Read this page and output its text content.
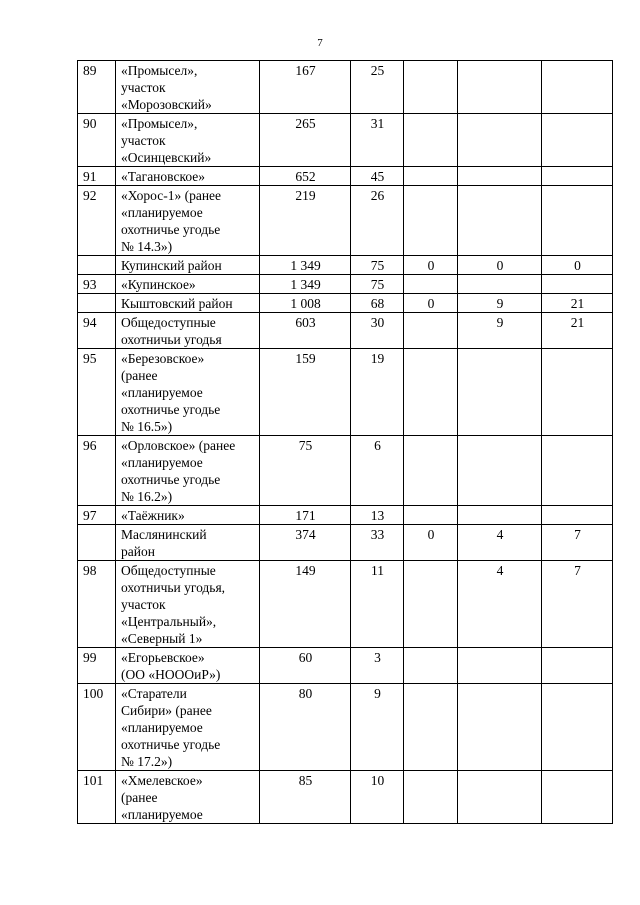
7
89	«Промысел»,
участок
«Морозовский»	167	25			
90	«Промысел»,
участок
«Осинцевский»	265	31			
91	«Тагановское»	652	45			
92	«Хорос-1» (ранее
«планируемое
охотничье угодье
№ 14.3»)	219	26			
	Купинский район	1 349	75	0	0	0
93	«Купинское»	1 349	75			
	Кыштовский район	1 008	68	0	9	21
94	Общедоступные
охотничьи угодья	603	30		9	21
95	«Березовское»
(ранее
«планируемое
охотничье угодье
№ 16.5»)	159	19			
96	«Орловское» (ранее
«планируемое
охотничье угодье
№ 16.2»)	75	6			
97	«Таёжник»	171	13			
	Маслянинский
район	374	33	0	4	7
98	Общедоступные
охотничьи угодья,
участок
«Центральный»,
«Северный 1»	149	11		4	7
99	«Егорьевское»
(ОО «НОООиР»)	60	3			
100	«Старатели
Сибири» (ранее
«планируемое
охотничье угодье
№ 17.2»)	80	9			
101	«Хмелевское»
(ранее
«планируемое	85	10			
